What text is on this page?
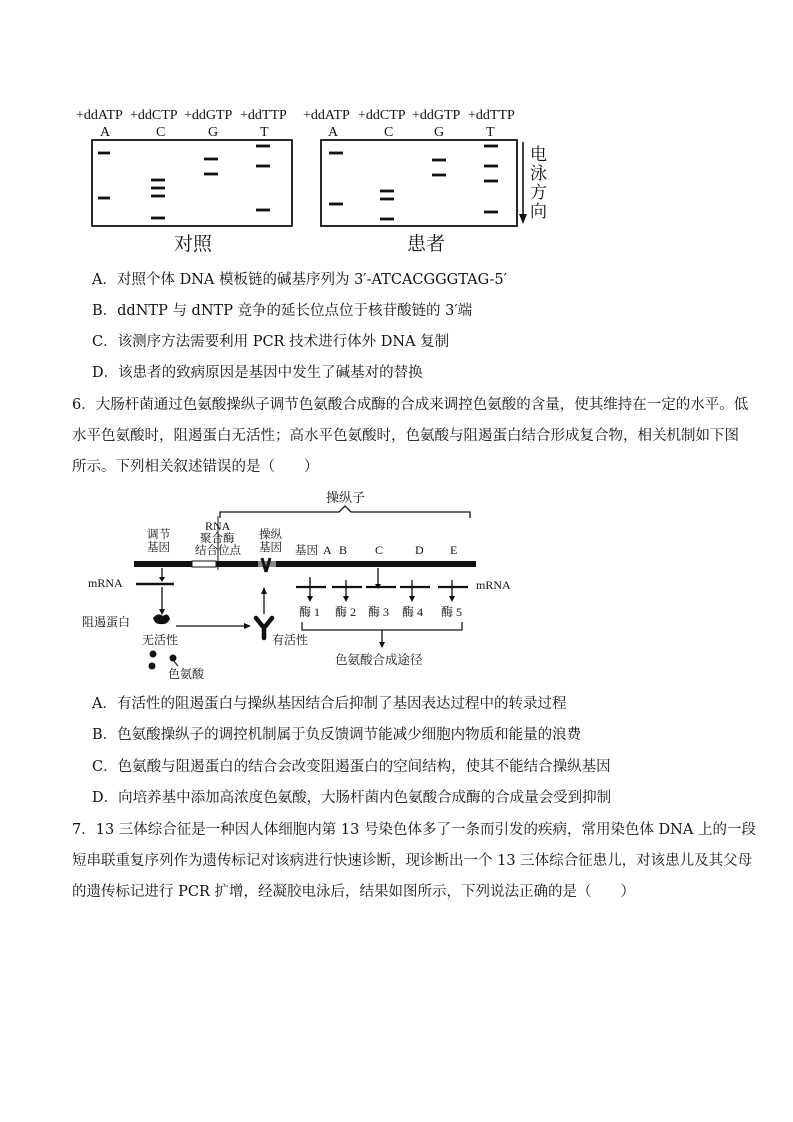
+ddATP +ddCTP +ddGTP +ddTTP +ddATP +ddCTP +ddGTP +ddTTP
A	C	G	T	A	C	G	T
电
泳
方
向
对照	患者
A．对照个体 DNA 模板链的碱基序列为 3′-ATCACGGGTAG-5′
B．ddNTP 与 dNTP 竞争的延长位点位于核苷酸链的 3′端
C．该测序方法需要利用 PCR 技术进行体外 DNA 复制
D．该患者的致病原因是基因中发生了碱基对的替换
6．大肠杆菌通过色氨酸操纵子调节色氨酸合成酶的合成来调控色氨酸的含量，使其维持在一定的水平。低
水平色氨酸时，阻遏蛋白无活性；高水平色氨酸时，色氨酸与阻遏蛋白结合形成复合物，相关机制如下图
所示。下列相关叙述错误的是（　　）
操纵子
调 节
基因
RNA
聚合酶
结合位点
操纵
基因 基因 A B C	D E
mRNA	mRNA
酶 1 酶 2 酶 3 酶 4 酶 5
色氨酸合成途径
阻遏蛋白
无活性
色氨酸
有活性
A．有活性的阻遏蛋白与操纵基因结合后抑制了基因表达过程中的转录过程
B．色氨酸操纵子的调控机制属于负反馈调节能减少细胞内物质和能量的浪费
C．色氨酸与阻遏蛋白的结合会改变阻遏蛋白的空间结构，使其不能结合操纵基因
D．向培养基中添加高浓度色氨酸，大肠杆菌内色氨酸合成酶的合成量会受到抑制
7．13 三体综合征是一种因人体细胞内第 13 号染色体多了一条而引发的疾病，常用染色体 DNA 上的一段
短串联重复序列作为遗传标记对该病进行快速诊断，现诊断出一个 13 三体综合征患儿，对该患儿及其父母
的遗传标记进行 PCR 扩增，经凝胶电泳后，结果如图所示，下列说法正确的是（　　）
